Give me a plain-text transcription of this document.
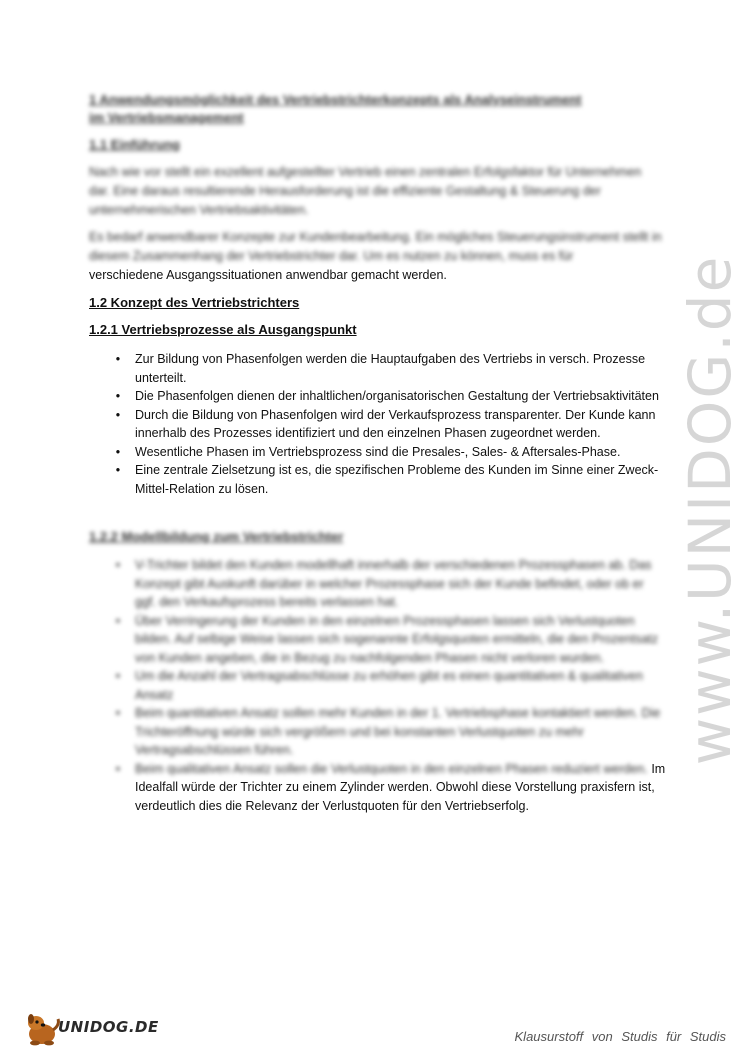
www.UNIDOG.de
1 Anwendungsmöglichkeit des Vertriebstrichterkonzepts als Analyseinstrument im Vertriebsmanagement
1.1 Einführung
Nach wie vor stellt ein exzellent aufgestellter Vertrieb einen zentralen Erfolgsfaktor für Unternehmen dar. Eine daraus resultierende Herausforderung ist die effiziente Gestaltung & Steuerung der unternehmerischen Vertriebsaktivitäten.
Es bedarf anwendbarer Konzepte zur Kundenbearbeitung. Ein mögliches Steuerungsinstrument stellt in diesem Zusammenhang der Vertriebstrichter dar. Um es nutzen zu können, muss es für
verschiedene Ausgangssituationen anwendbar gemacht werden.
1.2 Konzept des Vertriebstrichters
1.2.1 Vertriebsprozesse als Ausgangspunkt
•	Zur Bildung von Phasenfolgen werden die Hauptaufgaben des Vertriebs in versch. Prozesse unterteilt.
•	Die Phasenfolgen dienen der inhaltlichen/organisatorischen Gestaltung der Vertriebsaktivitäten
•	Durch die Bildung von Phasenfolgen wird der Verkaufsprozess transparenter. Der Kunde kann innerhalb des Prozesses identifiziert und den einzelnen Phasen zugeordnet werden.
•	Wesentliche Phasen im Vertriebsprozess sind die Presales-, Sales- & Aftersales-Phase.
•	Eine zentrale Zielsetzung ist es, die spezifischen Probleme des Kunden im Sinne einer Zweck-Mittel-Relation zu lösen.
1.2.2 Modellbildung zum Vertriebstrichter
•	V-Trichter bildet den Kunden modellhaft innerhalb der verschiedenen Prozessphasen ab. Das Konzept gibt Auskunft darüber in welcher Prozessphase sich der Kunde befindet, oder ob er ggf. den Verkaufsprozess bereits verlassen hat.
•	Über Verringerung der Kunden in den einzelnen Prozessphasen lassen sich Verlustquoten bilden. Auf selbige Weise lassen sich sogenannte Erfolgsquoten ermitteln, die den Prozentsatz von Kunden angeben, die in Bezug zu nachfolgenden Phasen nicht verloren wurden.
•	Um die Anzahl der Vertragsabschlüsse zu erhöhen gibt es einen quantitativen & qualitativen Ansatz
•	Beim quantitativen Ansatz sollen mehr Kunden in der 1. Vertriebsphase kontaktiert werden. Die Trichteröffnung würde sich vergrößern und bei konstanten Verlustquoten zu mehr Vertragsabschlüssen führen.
•	Beim qualitativen Ansatz sollen die Verlustquoten in den einzelnen Phasen reduziert werden. Im Idealfall würde der Trichter zu einem Zylinder werden. Obwohl diese Vorstellung praxisfern ist, verdeutlich dies die Relevanz der Verlustquoten für den Vertriebserfolg.
UNIDOG.DE
Klausurstoff von Studis für Studis
